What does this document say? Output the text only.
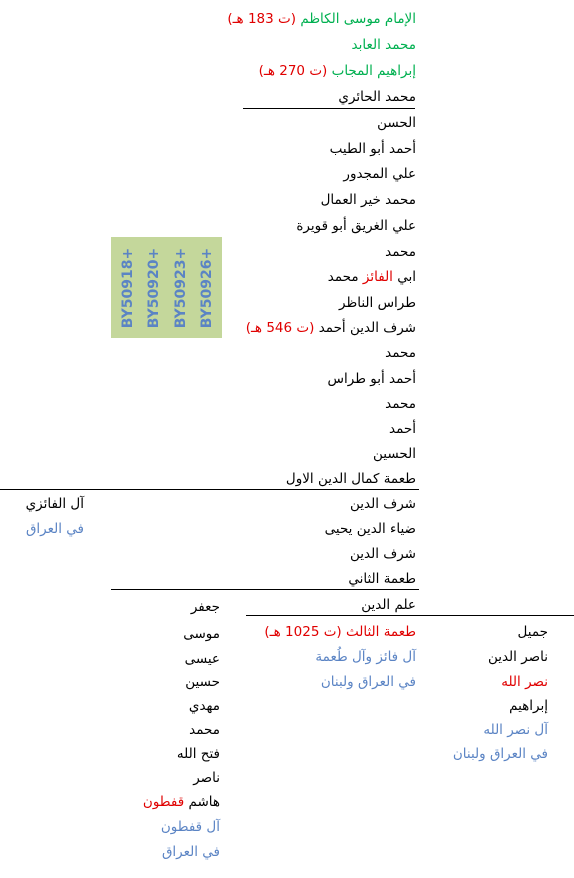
الإمام موسى الكاظم (ت 183 هـ)
محمد العابد
إبراهيم المجاب (ت 270 هـ)
محمد الحائري
الحسن
أحمد أبو الطيب
علي المجدور
محمد خير العمال
علي الغريق أبو قويرة
محمد
ابي الفائز محمد
طراس الناظر
شرف الدين أحمد (ت 546 هـ)
محمد
أحمد أبو طراس
محمد
أحمد
الحسين
طعمة كمال الدين الاول
شرف الدين
ضياء الدين يحيى
شرف الدين
طعمة الثاني
علم الدين
BY50918+ BY50920+ BY50923+ BY50926+
آل الفائزي
في العراق
طعمة الثالث (ت 1025 هـ)
آل فائز وآل طُعمة
في العراق ولبنان
جميل
ناصر الدين
نصر الله
إبراهيم
آل نصر الله
في العراق ولبنان
جعفر
موسى
عيسى
حسين
مهدي
محمد
فتح الله
ناصر
هاشم قفطون
آل قفطون
في العراق
